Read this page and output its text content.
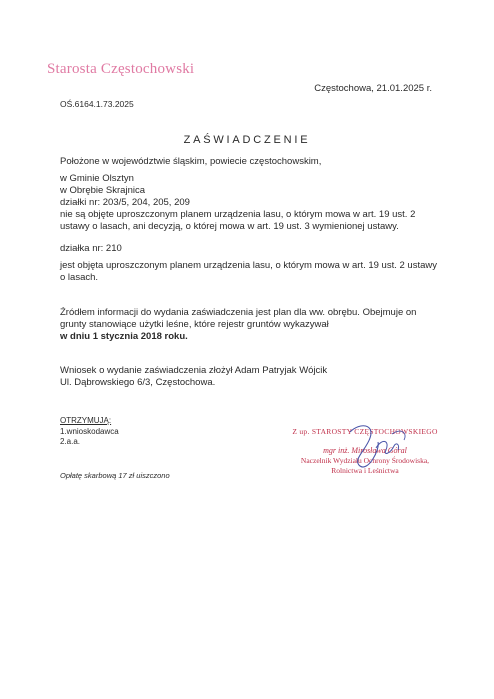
Starosta Częstochowski
Częstochowa, 21.01.2025 r.
OŚ.6164.1.73.2025
ZAŚWIADCZENIE

Położone w województwie śląskim, powiecie częstochowskim,

w Gminie Olsztyn

w Obrębie Skrajnica

działki nr: 203/5, 204, 205, 209

nie są objęte uproszczonym planem urządzenia lasu, o którym mowa w art. 19 ust. 2 ustawy o lasach, ani decyzją, o której mowa w art. 19 ust. 3 wymienionej ustawy.

działka nr: 210

jest objęta uproszczonym planem urządzenia lasu, o którym mowa w art. 19 ust. 2 ustawy o lasach.

Źródłem informacji do wydania zaświadczenia jest plan dla ww. obrębu. Obejmuje on grunty stanowiące użytki leśne, które rejestr gruntów wykazywał

w dniu 1 stycznia 2018 roku.

Wniosek o wydanie zaświadczenia złożył Adam Patryjak Wójcik

Ul. Dąbrowskiego 6/3, Częstochowa.

OTRZYMUJĄ:
1.wnioskodawca
2.a.a.
Opłatę skarbową 17 zł uiszczono
Z up. STAROSTY CZĘSTOCHOWSKIEGO
mgr inż. Mirosława Góral
Naczelnik Wydziału Ochrony Środowiska,
Rolnictwa i Leśnictwa
